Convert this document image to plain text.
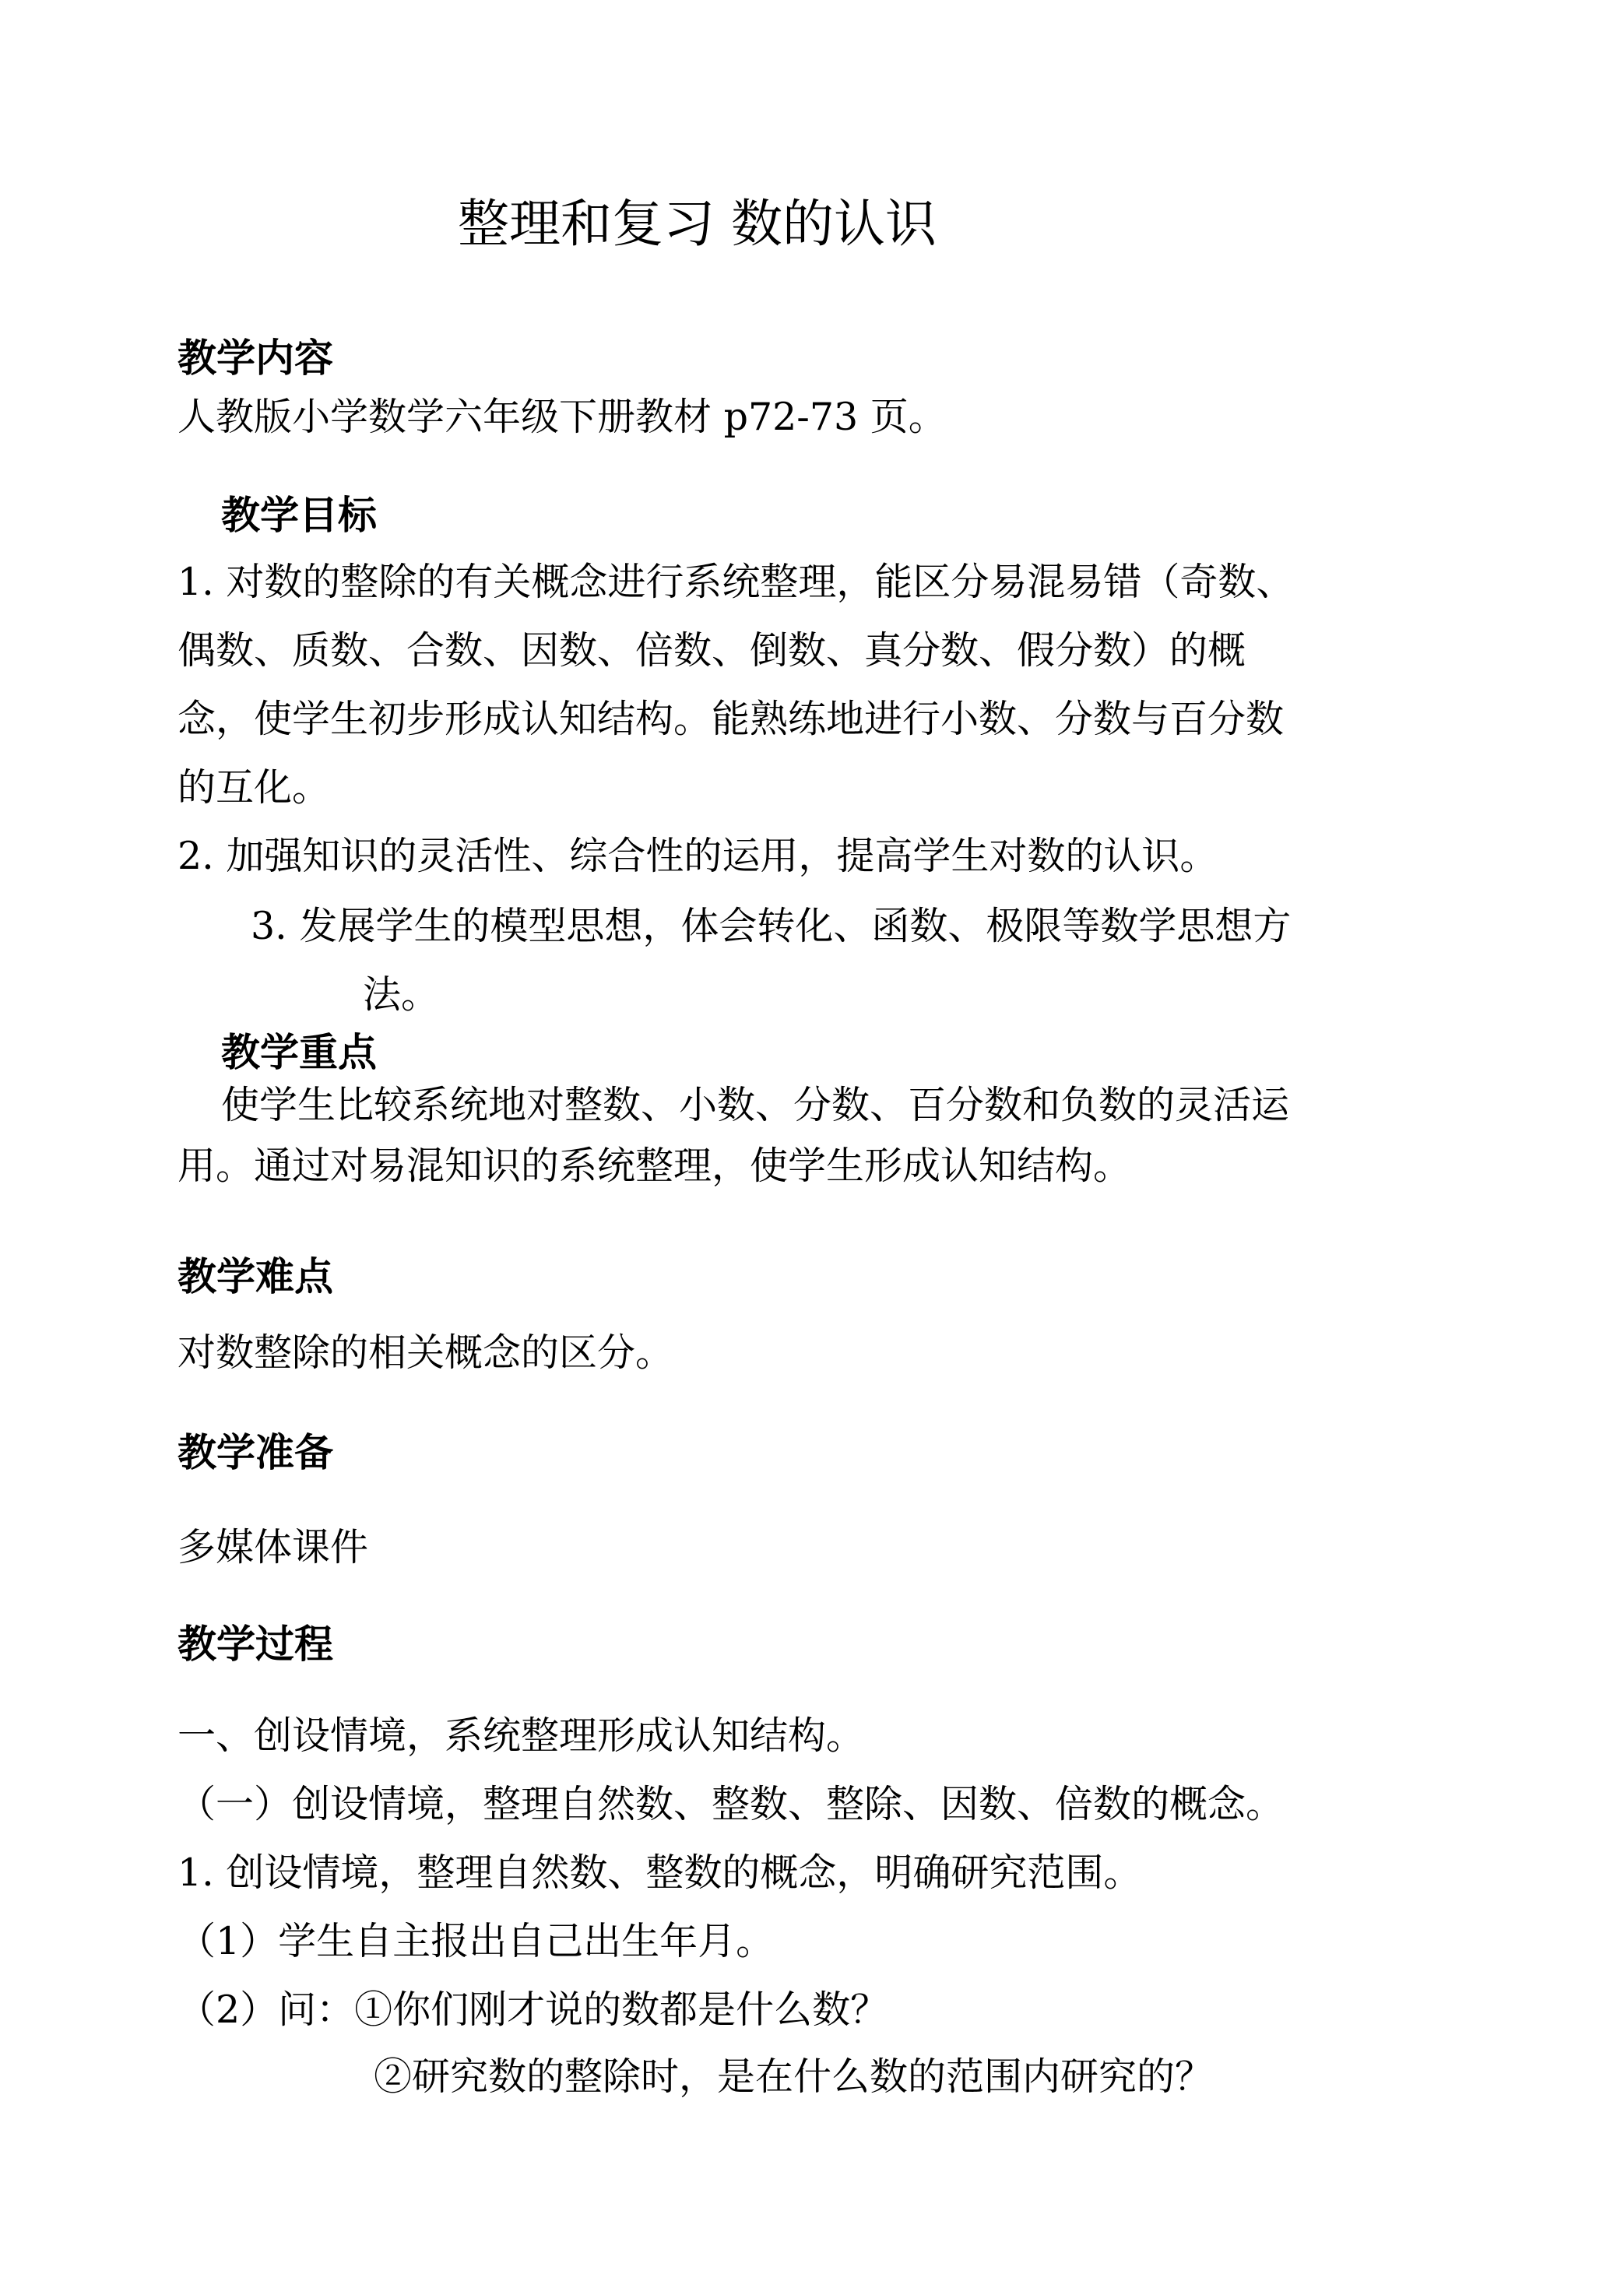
整理和复习 数的认识
教学内容
人教版小学数学六年级下册教材 p72-73 页。
教学目标
1. 对数的整除的有关概念进行系统整理，能区分易混易错（奇数、
偶数、质数、合数、因数、倍数、倒数、真分数、假分数）的概
念，使学生初步形成认知结构。能熟练地进行小数、分数与百分数
的互化。
2. 加强知识的灵活性、综合性的运用，提高学生对数的认识。
3. 发展学生的模型思想，体会转化、函数、极限等数学思想方
法。
教学重点
使学生比较系统地对整数、小数、分数、百分数和负数的灵活运
用。通过对易混知识的系统整理，使学生形成认知结构。
教学难点
对数整除的相关概念的区分。
教学准备
多媒体课件
教学过程
一、创设情境，系统整理形成认知结构。
（一）创设情境，整理自然数、整数、整除、因数、倍数的概念。
1. 创设情境，整理自然数、整数的概念，明确研究范围。
（1）学生自主报出自己出生年月。
（2）问：①你们刚才说的数都是什么数？
②研究数的整除时，是在什么数的范围内研究的？
